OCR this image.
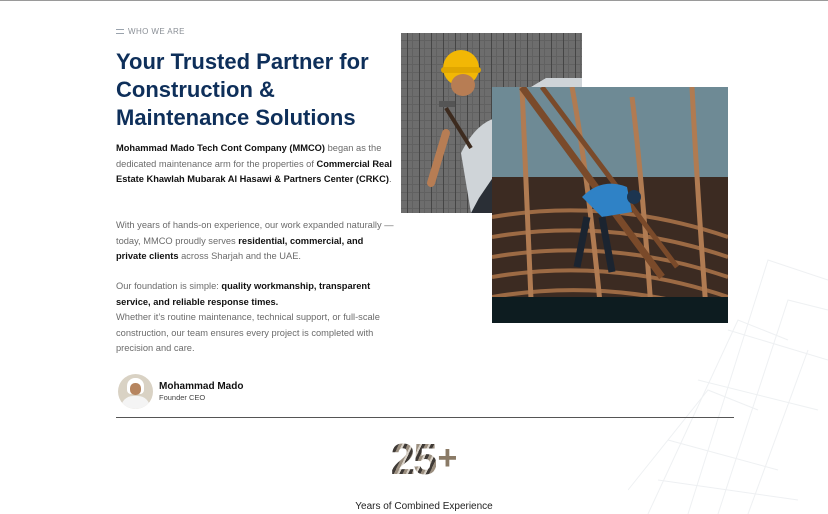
WHO WE ARE
Your Trusted Partner for Construction & Maintenance Solutions

Mohammad Mado Tech Cont Company (MMCO) began as the dedicated maintenance arm for the properties of Commercial Real Estate Khawlah Mubarak Al Hasawi & Partners Center (CRKC).

With years of hands-on experience, our work expanded naturally — today, MMCO proudly serves residential, commercial, and private clients across Sharjah and the UAE.

Our foundation is simple: quality workmanship, transparent service, and reliable response times.
Whether it’s routine maintenance, technical support, or full-scale construction, our team ensures every project is completed with precision and care.

Mohammad Mado
Founder CEO
25+
Years of Combined Experience
